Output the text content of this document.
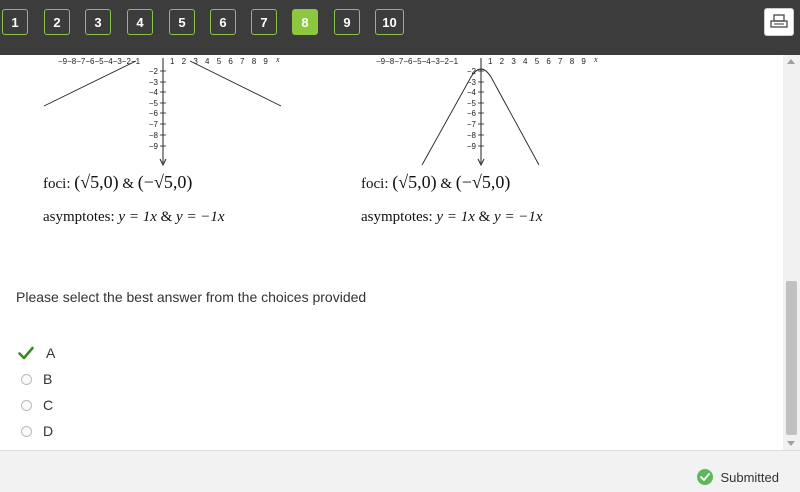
1	2	3	4	5	6	7	8	9	10
−9−8−7−6−5−4−3−2−1	1 2 3 4 5 6 7 8 9 x
−2
−3
−4
−5
−6
−7
−8
−9
−9−8−7−6−5−4−3−2−1	1 2 3 4 5 6 7 8 9 x
−2
−3
−4
−5
−6
−7
−8
−9
foci: (√5,0) & (−√5,0)
asymptotes: y = 1x & y = −1x
foci: (√5,0) & (−√5,0)
asymptotes: y = 1x & y = −1x
Please select the best answer from the choices provided
A
B
C
D
Submitted
